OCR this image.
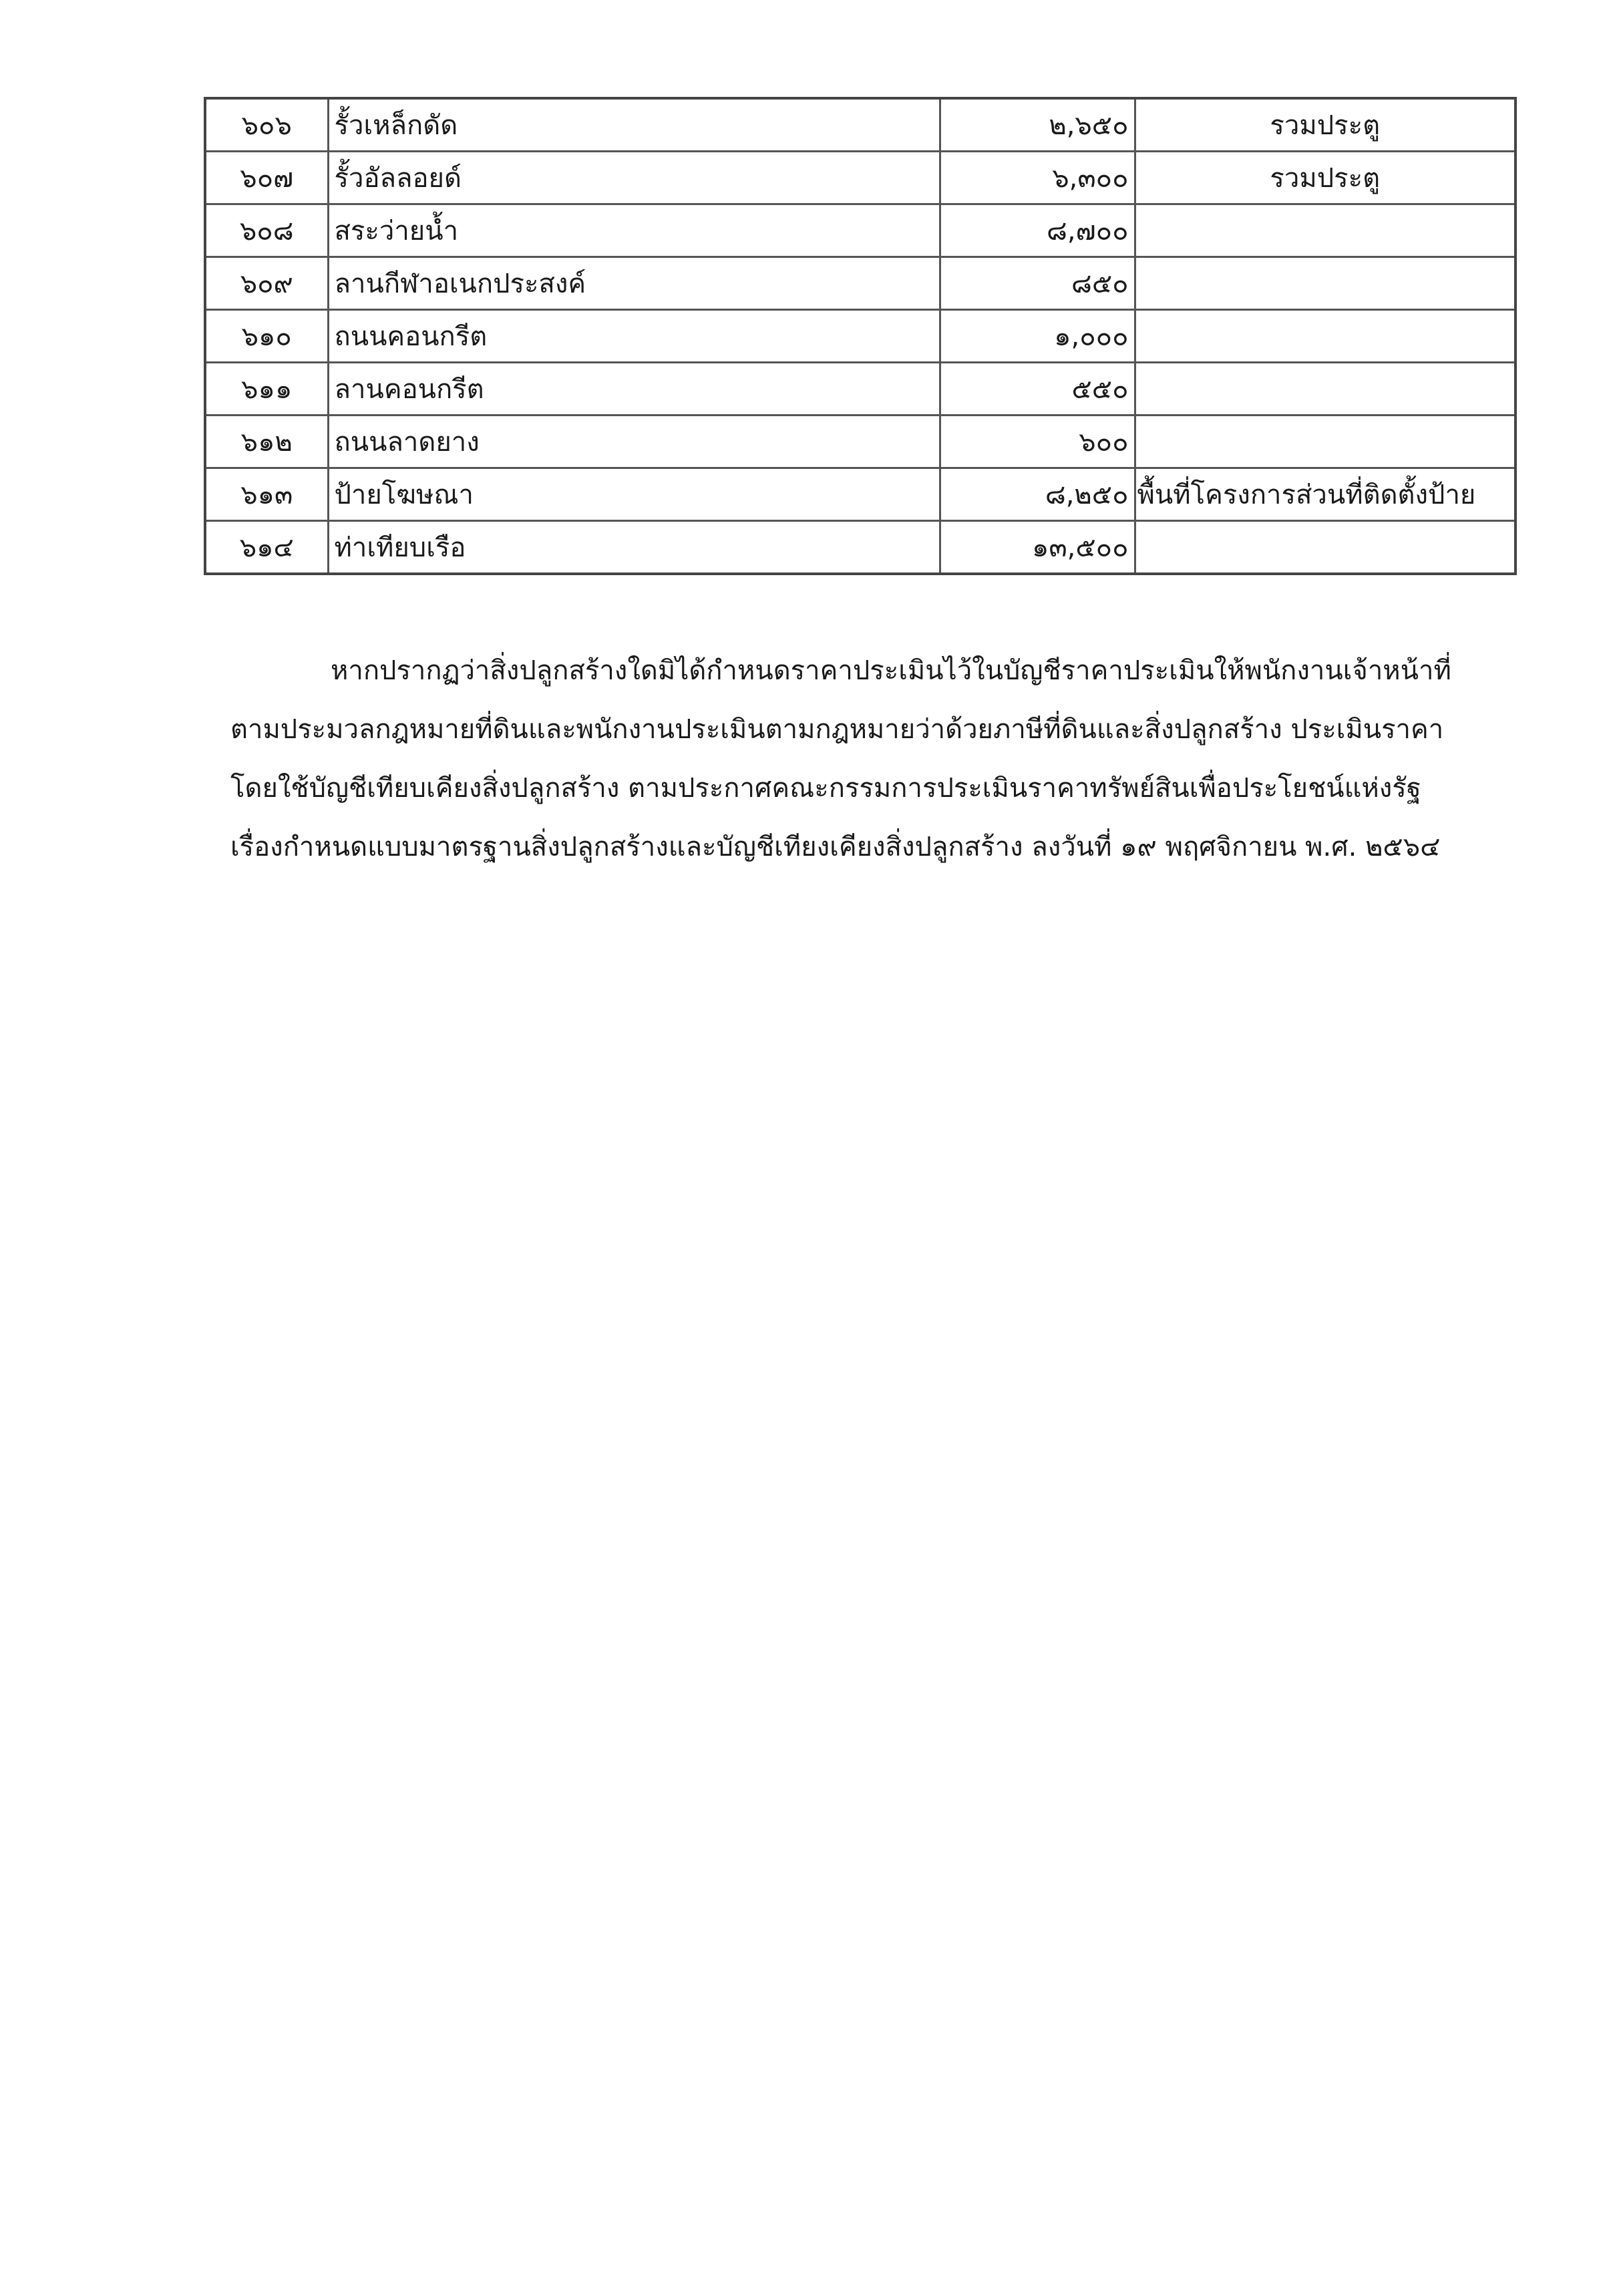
๖๐๖	รั้วเหล็กดัด	๒,๖๕๐	รวมประตู
๖๐๗	รั้วอัลลอยด์	๖,๓๐๐	รวมประตู
๖๐๘	สระว่ายน้ำ	๘,๗๐๐	
๖๐๙	ลานกีฬาอเนกประสงค์	๘๕๐	
๖๑๐	ถนนคอนกรีต	๑,๐๐๐	
๖๑๑	ลานคอนกรีต	๕๕๐	
๖๑๒	ถนนลาดยาง	๖๐๐	
๖๑๓	ป้ายโฆษณา	๘,๒๕๐	พื้นที่โครงการส่วนที่ติดตั้งป้าย
๖๑๔	ท่าเทียบเรือ	๑๓,๕๐๐	
หากปรากฏว่าสิ่งปลูกสร้างใดมิได้กำหนดราคาประเมินไว้ในบัญชีราคาประเมินให้พนักงานเจ้าหน้าที่
ตามประมวลกฎหมายที่ดินและพนักงานประเมินตามกฎหมายว่าด้วยภาษีที่ดินและสิ่งปลูกสร้าง ประเมินราคา
โดยใช้บัญชีเทียบเคียงสิ่งปลูกสร้าง ตามประกาศคณะกรรมการประเมินราคาทรัพย์สินเพื่อประโยชน์แห่งรัฐ
เรื่องกำหนดแบบมาตรฐานสิ่งปลูกสร้างและบัญชีเทียงเคียงสิ่งปลูกสร้าง ลงวันที่ ๑๙ พฤศจิกายน พ.ศ. ๒๕๖๔
